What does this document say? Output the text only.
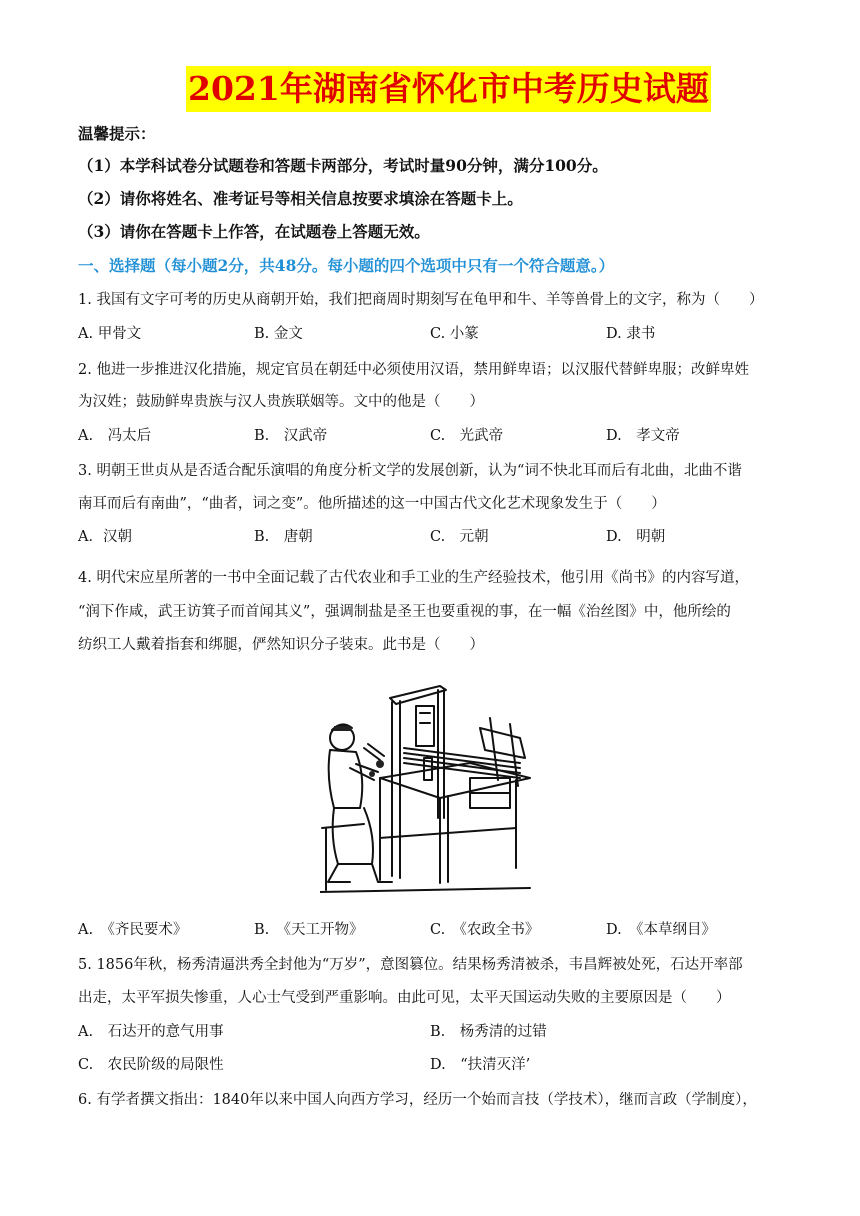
2021年湖南省怀化市中考历史试题
温馨提示：
（1）本学科试卷分试题卷和答题卡两部分，考试时量90分钟，满分100分。
（2）请你将姓名、准考证号等相关信息按要求填涂在答题卡上。
（3）请你在答题卡上作答，在试题卷上答题无效。
一、选择题（每小题2分，共48分。每小题的四个选项中只有一个符合题意。）
1. 我国有文字可考的历史从商朝开始，我们把商周时期刻写在龟甲和牛、羊等兽骨上的文字，称为（　　）
A. 甲骨文	B. 金文	C. 小篆	D. 隶书
2. 他进一步推进汉化措施，规定官员在朝廷中必须使用汉语，禁用鲜卑语；以汉服代替鲜卑服；改鲜卑姓
为汉姓；鼓励鲜卑贵族与汉人贵族联姻等。文中的他是（　　）
A.　冯太后	B.　汉武帝	C.　光武帝	D.　孝文帝
3. 明朝王世贞从是否适合配乐演唱的角度分析文学的发展创新，认为“词不快北耳而后有北曲，北曲不谐
南耳而后有南曲”，“曲者，词之变”。他所描述的这一中国古代文化艺术现象发生于（　　）
A．汉朝	B.　唐朝	C.　元朝	D.　明朝
4. 明代宋应星所著的一书中全面记载了古代农业和手工业的生产经验技术，他引用《尚书》的内容写道，
“润下作咸，武王访箕子而首闻其义”，强调制盐是圣王也要重视的事，在一幅《治丝图》中，他所绘的
纺织工人戴着指套和绑腿，俨然知识分子装束。此书是（　　）
A.　《齐民要术》	B.　《天工开物》	C.　《农政全书》	D.　《本草纲目》
5. 1856年秋，杨秀清逼洪秀全封他为“万岁”，意图篡位。结果杨秀清被杀，韦昌辉被处死，石达开率部
出走，太平军损失惨重，人心士气受到严重影响。由此可见，太平天国运动失败的主要原因是（　　）
A.　石达开的意气用事	B.　杨秀清的过错
C.　农民阶级的局限性	D.　“扶清灭洋’
6. 有学者撰文指出：1840年以来中国人向西方学习，经历一个始而言技（学技术），继而言政（学制度），
